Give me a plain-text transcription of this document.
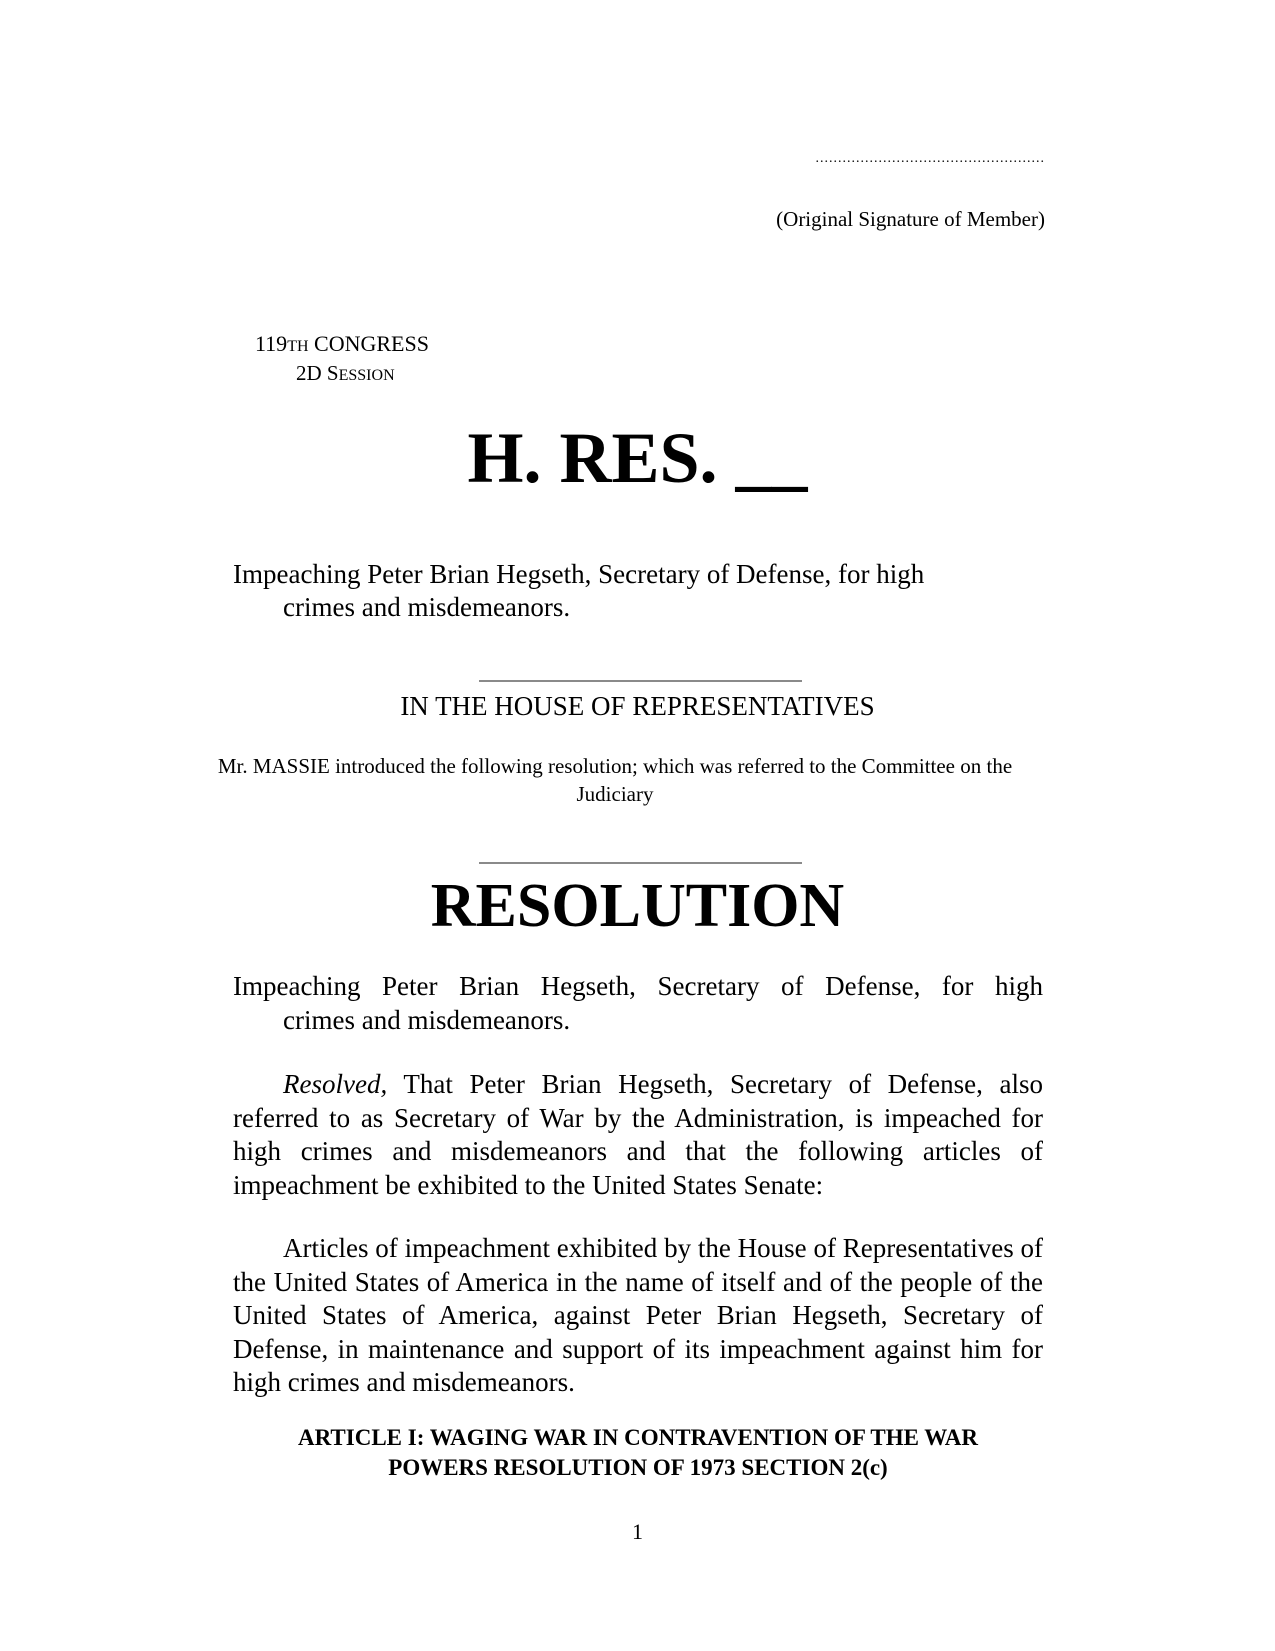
...................................................
(Original Signature of Member)
119TH CONGRESS
2D SESSION
H. RES. __
Impeaching Peter Brian Hegseth, Secretary of Defense, for high
crimes and misdemeanors.
IN THE HOUSE OF REPRESENTATIVES
Mr. MASSIE introduced the following resolution; which was referred to the Committee on the Judiciary
RESOLUTION
Impeaching Peter Brian Hegseth, Secretary of Defense, for high
crimes and misdemeanors.
Resolved, That Peter Brian Hegseth, Secretary of Defense, also referred to as Secretary of War by the Administration, is impeached for high crimes and misdemeanors and that the following articles of impeachment be exhibited to the United States Senate:
Articles of impeachment exhibited by the House of Representatives of the United States of America in the name of itself and of the people of the United States of America, against Peter Brian Hegseth, Secretary of Defense, in maintenance and support of its impeachment against him for high crimes and misdemeanors.
ARTICLE I: WAGING WAR IN CONTRAVENTION OF THE WAR
POWERS RESOLUTION OF 1973 SECTION 2(c)
1
